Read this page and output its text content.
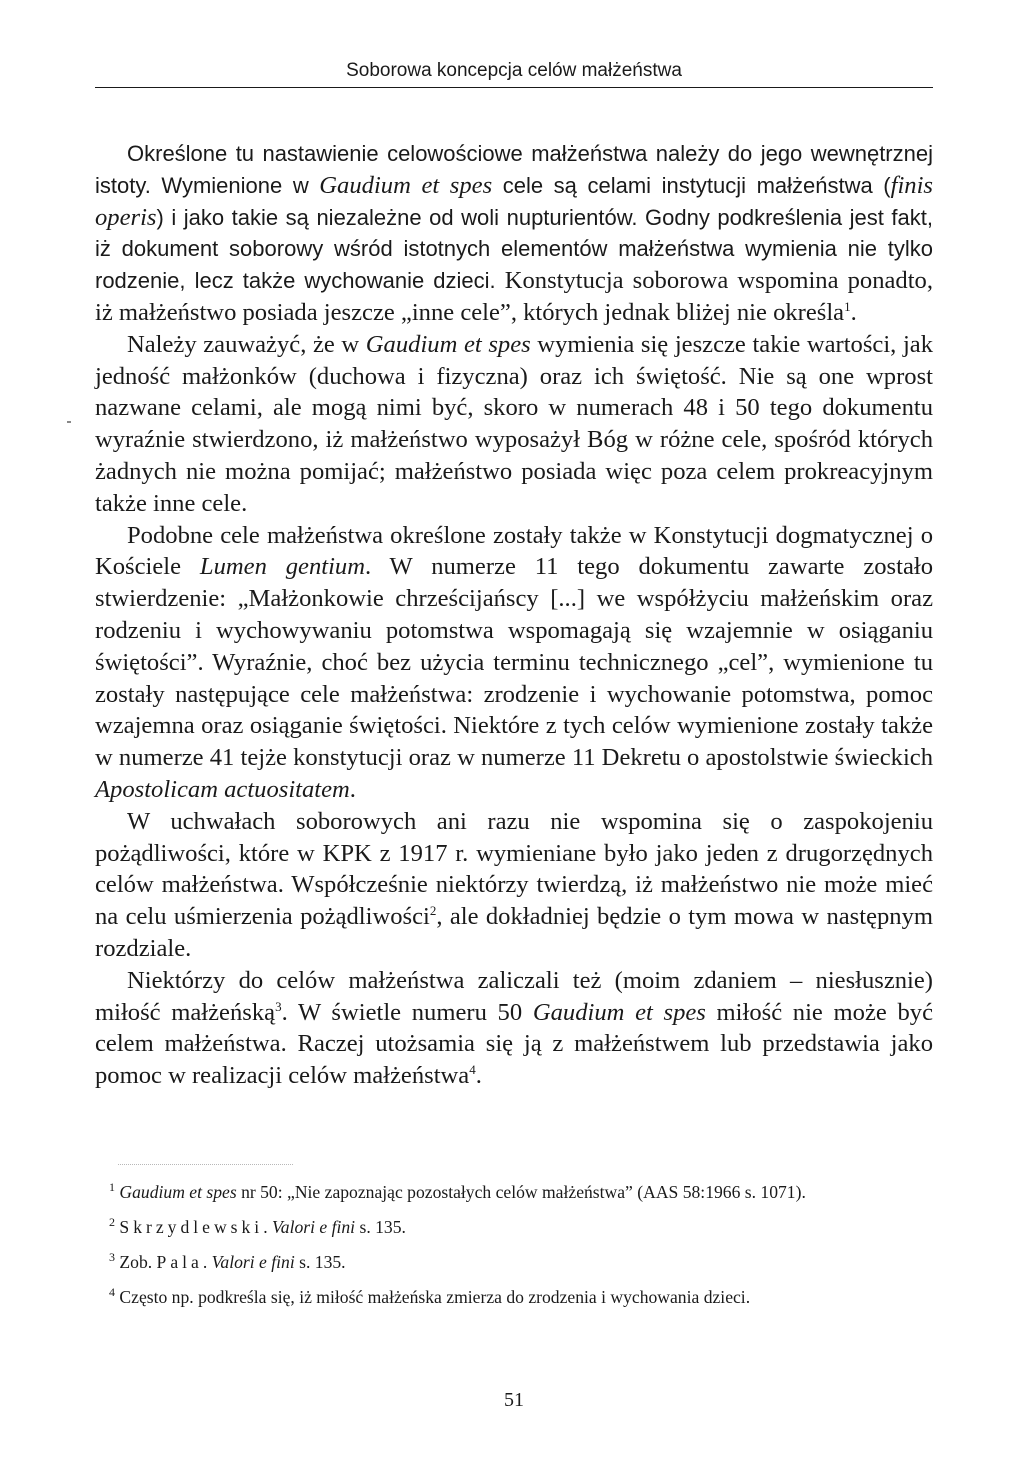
Soborowa koncepcja celów małżeństwa

Określone tu nastawienie celowościowe małżeństwa należy do jego wewnętrznej istoty. Wymienione w Gaudium et spes cele są celami instytucji małżeństwa (finis operis) i jako takie są niezależne od woli nupturientów. Godny podkreślenia jest fakt, iż dokument soborowy wśród istotnych elementów małżeństwa wymienia nie tylko rodzenie, lecz także wychowanie dzieci. Konstytucja soborowa wspomina ponadto, iż małżeństwo posiada jeszcze „inne cele”, których jednak bliżej nie określa$^1$.

Należy zauważyć, że w Gaudium et spes wymienia się jeszcze takie wartości, jak jedność małżonków (duchowa i fizyczna) oraz ich świętość. Nie są one wprost nazwane celami, ale mogą nimi być, skoro w numerach 48 i 50 tego dokumentu wyraźnie stwierdzono, iż małżeństwo wyposażył Bóg w różne cele, spośród których żadnych nie można pomijać; małżeństwo posiada więc poza celem prokreacyjnym także inne cele.

Podobne cele małżeństwa określone zostały także w Konstytucji dogmatycznej o Kościele Lumen gentium. W numerze 11 tego dokumentu zawarte zostało stwierdzenie: „Małżonkowie chrześcijańscy [...] we współżyciu małżeńskim oraz rodzeniu i wychowywaniu potomstwa wspomagają się wzajemnie w osiąganiu świętości”. Wyraźnie, choć bez użycia terminu technicznego „cel”, wymienione tu zostały następujące cele małżeństwa: zrodzenie i wychowanie potomstwa, pomoc wzajemna oraz osiąganie świętości. Niektóre z tych celów wymienione zostały także w numerze 41 tejże konstytucji oraz w numerze 11 Dekretu o apostolstwie świeckich Apostolicam actuositatem.

W uchwałach soborowych ani razu nie wspomina się o zaspokojeniu pożądliwości, które w KPK z 1917 r. wymieniane było jako jeden z drugorzędnych celów małżeństwa. Współcześnie niektórzy twierdzą, iż małżeństwo nie może mieć na celu uśmierzenia pożądliwości$^2$, ale dokładniej będzie o tym mowa w następnym rozdziale.

Niektórzy do celów małżeństwa zaliczali też (moim zdaniem – niesłusznie) miłość małżeńską$^3$. W świetle numeru 50 Gaudium et spes miłość nie może być celem małżeństwa. Raczej utożsamia się ją z małżeństwem lub przedstawia jako pomoc w realizacji celów małżeństwa$^4$.

$^1$ Gaudium et spes nr 50: „Nie zapoznając pozostałych celów małżeństwa” (AAS 58:1966 s. 1071).

$^2$ Skrzydlewski. Valori e fini s. 135.

$^3$ Zob. Pala. Valori e fini s. 135.

$^4$ Często np. podkreśla się, iż miłość małżeńska zmierza do zrodzenia i wychowania dzieci.

51
